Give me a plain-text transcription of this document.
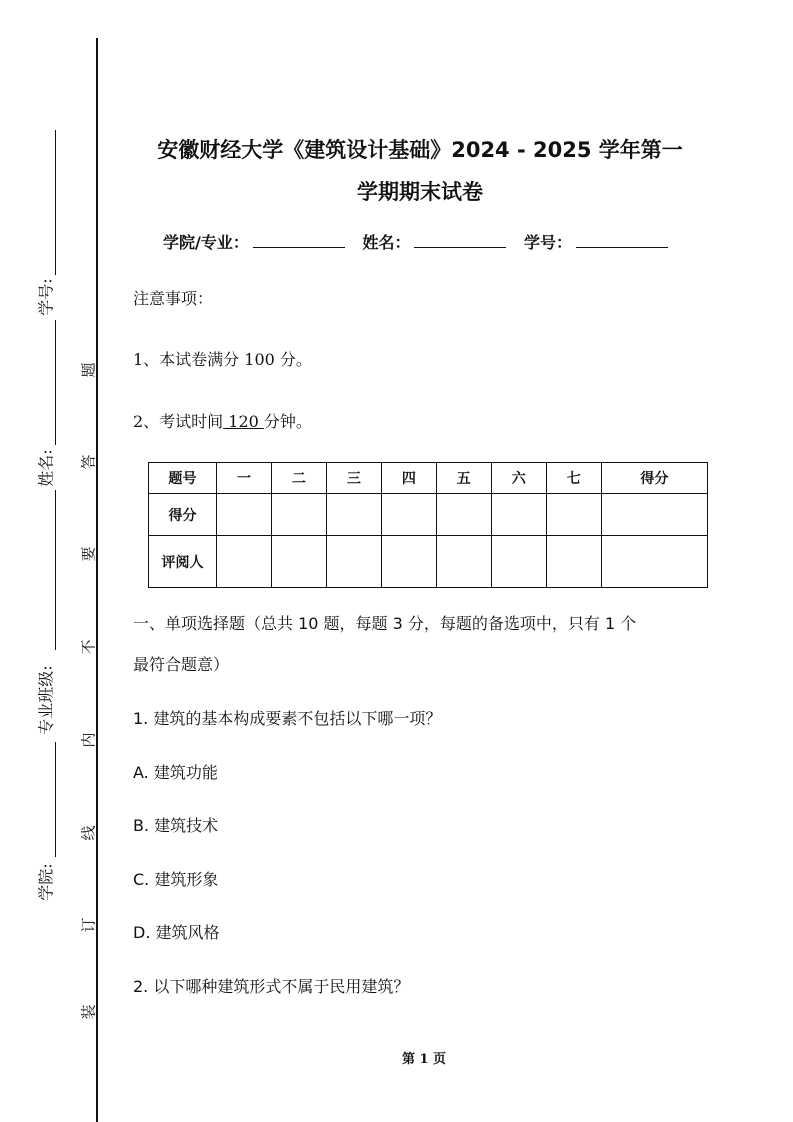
学号:
姓名:
专业班级:
学院:
题
答
要
不
内
线
订
装
安徽财经大学《建筑设计基础》2024 - 2025 学年第一
学期期末试卷
学院/专业：	姓名：	学号：
注意事项：
1、本试卷满分 100 分。
2、考试时间 120 分钟。
题号	一	二	三	四	五	六	七	得分
得分								
评阅人								
一、单项选择题（总共 10 题，每题 3 分，每题的备选项中，只有 1 个
最符合题意）
1. 建筑的基本构成要素不包括以下哪一项？
A. 建筑功能
B. 建筑技术
C. 建筑形象
D. 建筑风格
2. 以下哪种建筑形式不属于民用建筑？
第 1 页
